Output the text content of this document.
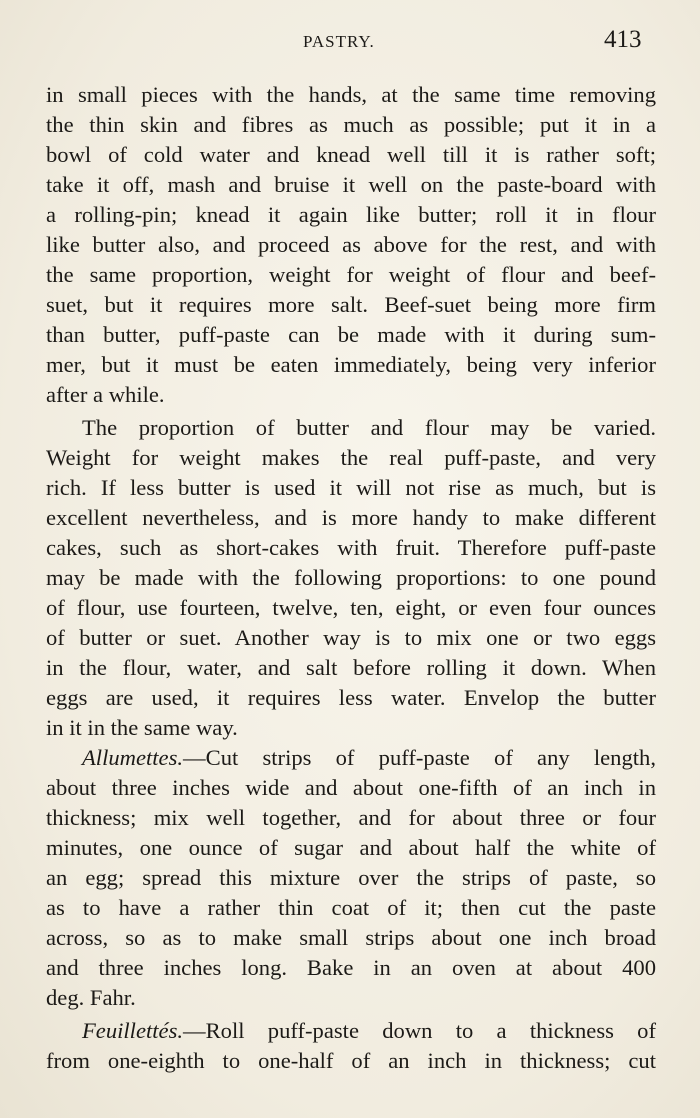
PASTRY.	413
in small pieces with the hands, at the same time removing
the thin skin and fibres as much as possible; put it in a
bowl of cold water and knead well till it is rather soft;
take it off, mash and bruise it well on the paste-board with
a rolling-pin; knead it again like butter; roll it in flour
like butter also, and proceed as above for the rest, and with
the same proportion, weight for weight of flour and beef-
suet, but it requires more salt. Beef-suet being more firm
than butter, puff-paste can be made with it during sum-
mer, but it must be eaten immediately, being very inferior
after a while.
The proportion of butter and flour may be varied.
Weight for weight makes the real puff-paste, and very
rich. If less butter is used it will not rise as much, but is
excellent nevertheless, and is more handy to make different
cakes, such as short-cakes with fruit. Therefore puff-paste
may be made with the following proportions: to one pound
of flour, use fourteen, twelve, ten, eight, or even four ounces
of butter or suet. Another way is to mix one or two eggs
in the flour, water, and salt before rolling it down. When
eggs are used, it requires less water. Envelop the butter
in it in the same way.
Allumettes.—Cut strips of puff-paste of any length,
about three inches wide and about one-fifth of an inch in
thickness; mix well together, and for about three or four
minutes, one ounce of sugar and about half the white of
an egg; spread this mixture over the strips of paste, so
as to have a rather thin coat of it; then cut the paste
across, so as to make small strips about one inch broad
and three inches long. Bake in an oven at about 400
deg. Fahr.
Feuillettés.—Roll puff-paste down to a thickness of
from one-eighth to one-half of an inch in thickness; cut
